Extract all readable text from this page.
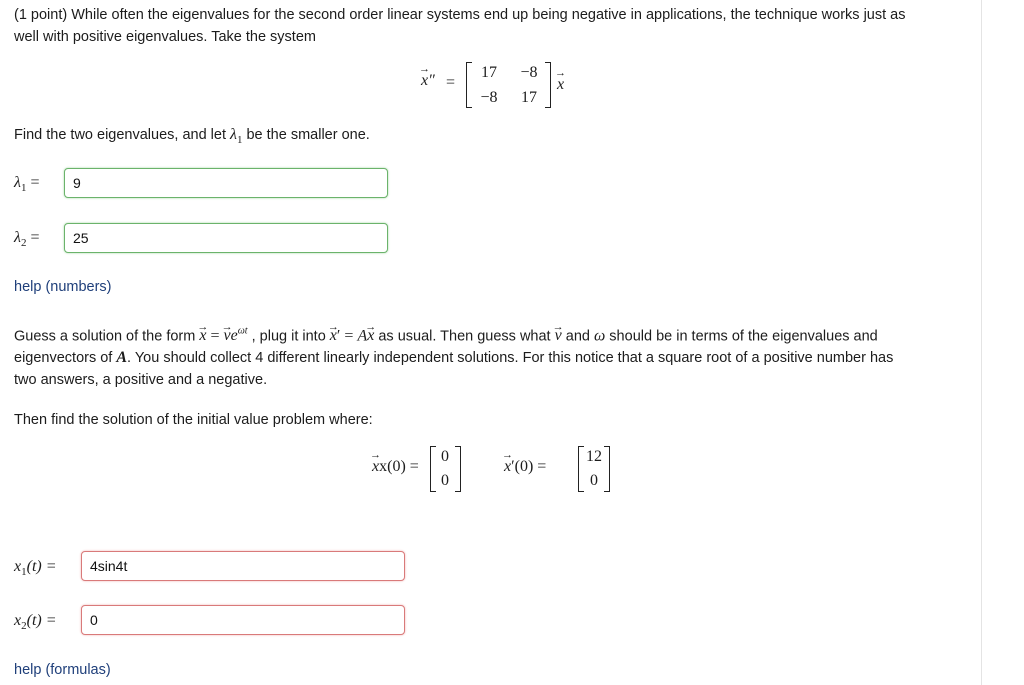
(1 point) While often the eigenvalues for the second order linear systems end up being negative in applications, the technique works just as
well with positive eigenvalues. Take the system
→ x″ =
17	−8
−8	17
→ x
Find the two eigenvalues, and let $\lambda_1$ be the smaller one.
$\lambda_1$ =	9
$\lambda_2$ =	25
help (numbers)
Guess a solution of the form → x = → $ve^{\omega t}$ , plug it into → x′ = A→ x as usual. Then guess what → v and ω should be in terms of the eigenvalues and
eigenvectors of A. You should collect 4 different linearly independent solutions. For this notice that a square root of a positive number has
two answers, a positive and a negative.
Then find the solution of the initial value problem where:
→ xx(0) =
0
0
→ x′(0) =
12
0
$x_1(t)$ =	4sin4t
$x_2(t)$ =	0
help (formulas)
